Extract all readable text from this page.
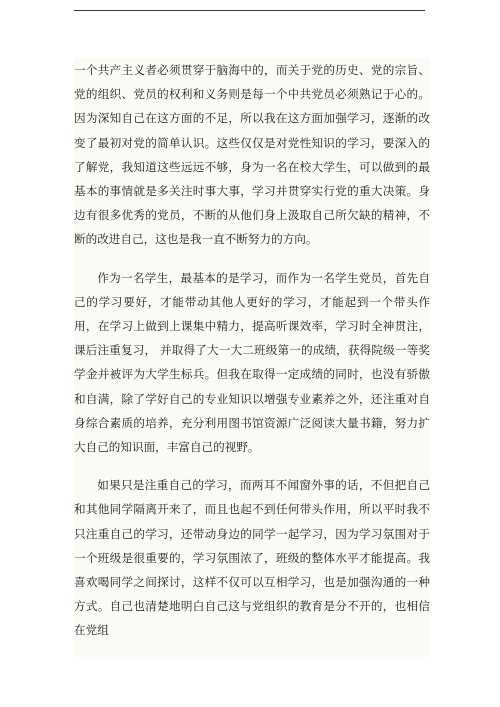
一个共产主义者必须贯穿于脑海中的，而关于党的历史、党的宗旨、党的组织、党员的权利和义务则是每一个中共党员必须熟记于心的。因为深知自己在这方面的不足，所以我在这方面加强学习，逐渐的改变了最初对党的简单认识。这些仅仅是对党性知识的学习，要深入的了解党，我知道这些远远不够，身为一名在校大学生，可以做到的最基本的事情就是多关注时事大事，学习并贯穿实行党的重大决策。身边有很多优秀的党员，不断的从他们身上汲取自己所欠缺的精神，不断的改进自己，这也是我一直不断努力的方向。

作为一名学生，最基本的是学习，而作为一名学生党员，首先自己的学习要好，才能带动其他人更好的学习，才能起到一个带头作用，在学习上做到上课集中精力，提高听课效率，学习时全神贯注，课后注重复习， 并取得了大一大二班级第一的成绩，获得院级一等奖学金并被评为大学生标兵。但我在取得一定成绩的同时，也没有骄傲和自满，除了学好自己的专业知识以增强专业素养之外，还注重对自身综合素质的培养，充分利用图书馆资源广泛阅读大量书籍，努力扩大自己的知识面，丰富自己的视野。

如果只是注重自己的学习，而两耳不闻窗外事的话，不但把自己和其他同学隔离开来了，而且也起不到任何带头作用，所以平时我不只注重自己的学习，还带动身边的同学一起学习，因为学习氛围对于一个班级是很重要的，学习氛围浓了，班级的整体水平才能提高。我喜欢喝同学之间探讨，这样不仅可以互相学习，也是加强沟通的一种方式。自己也清楚地明白自己这与党组织的教育是分不开的，也相信在党组
